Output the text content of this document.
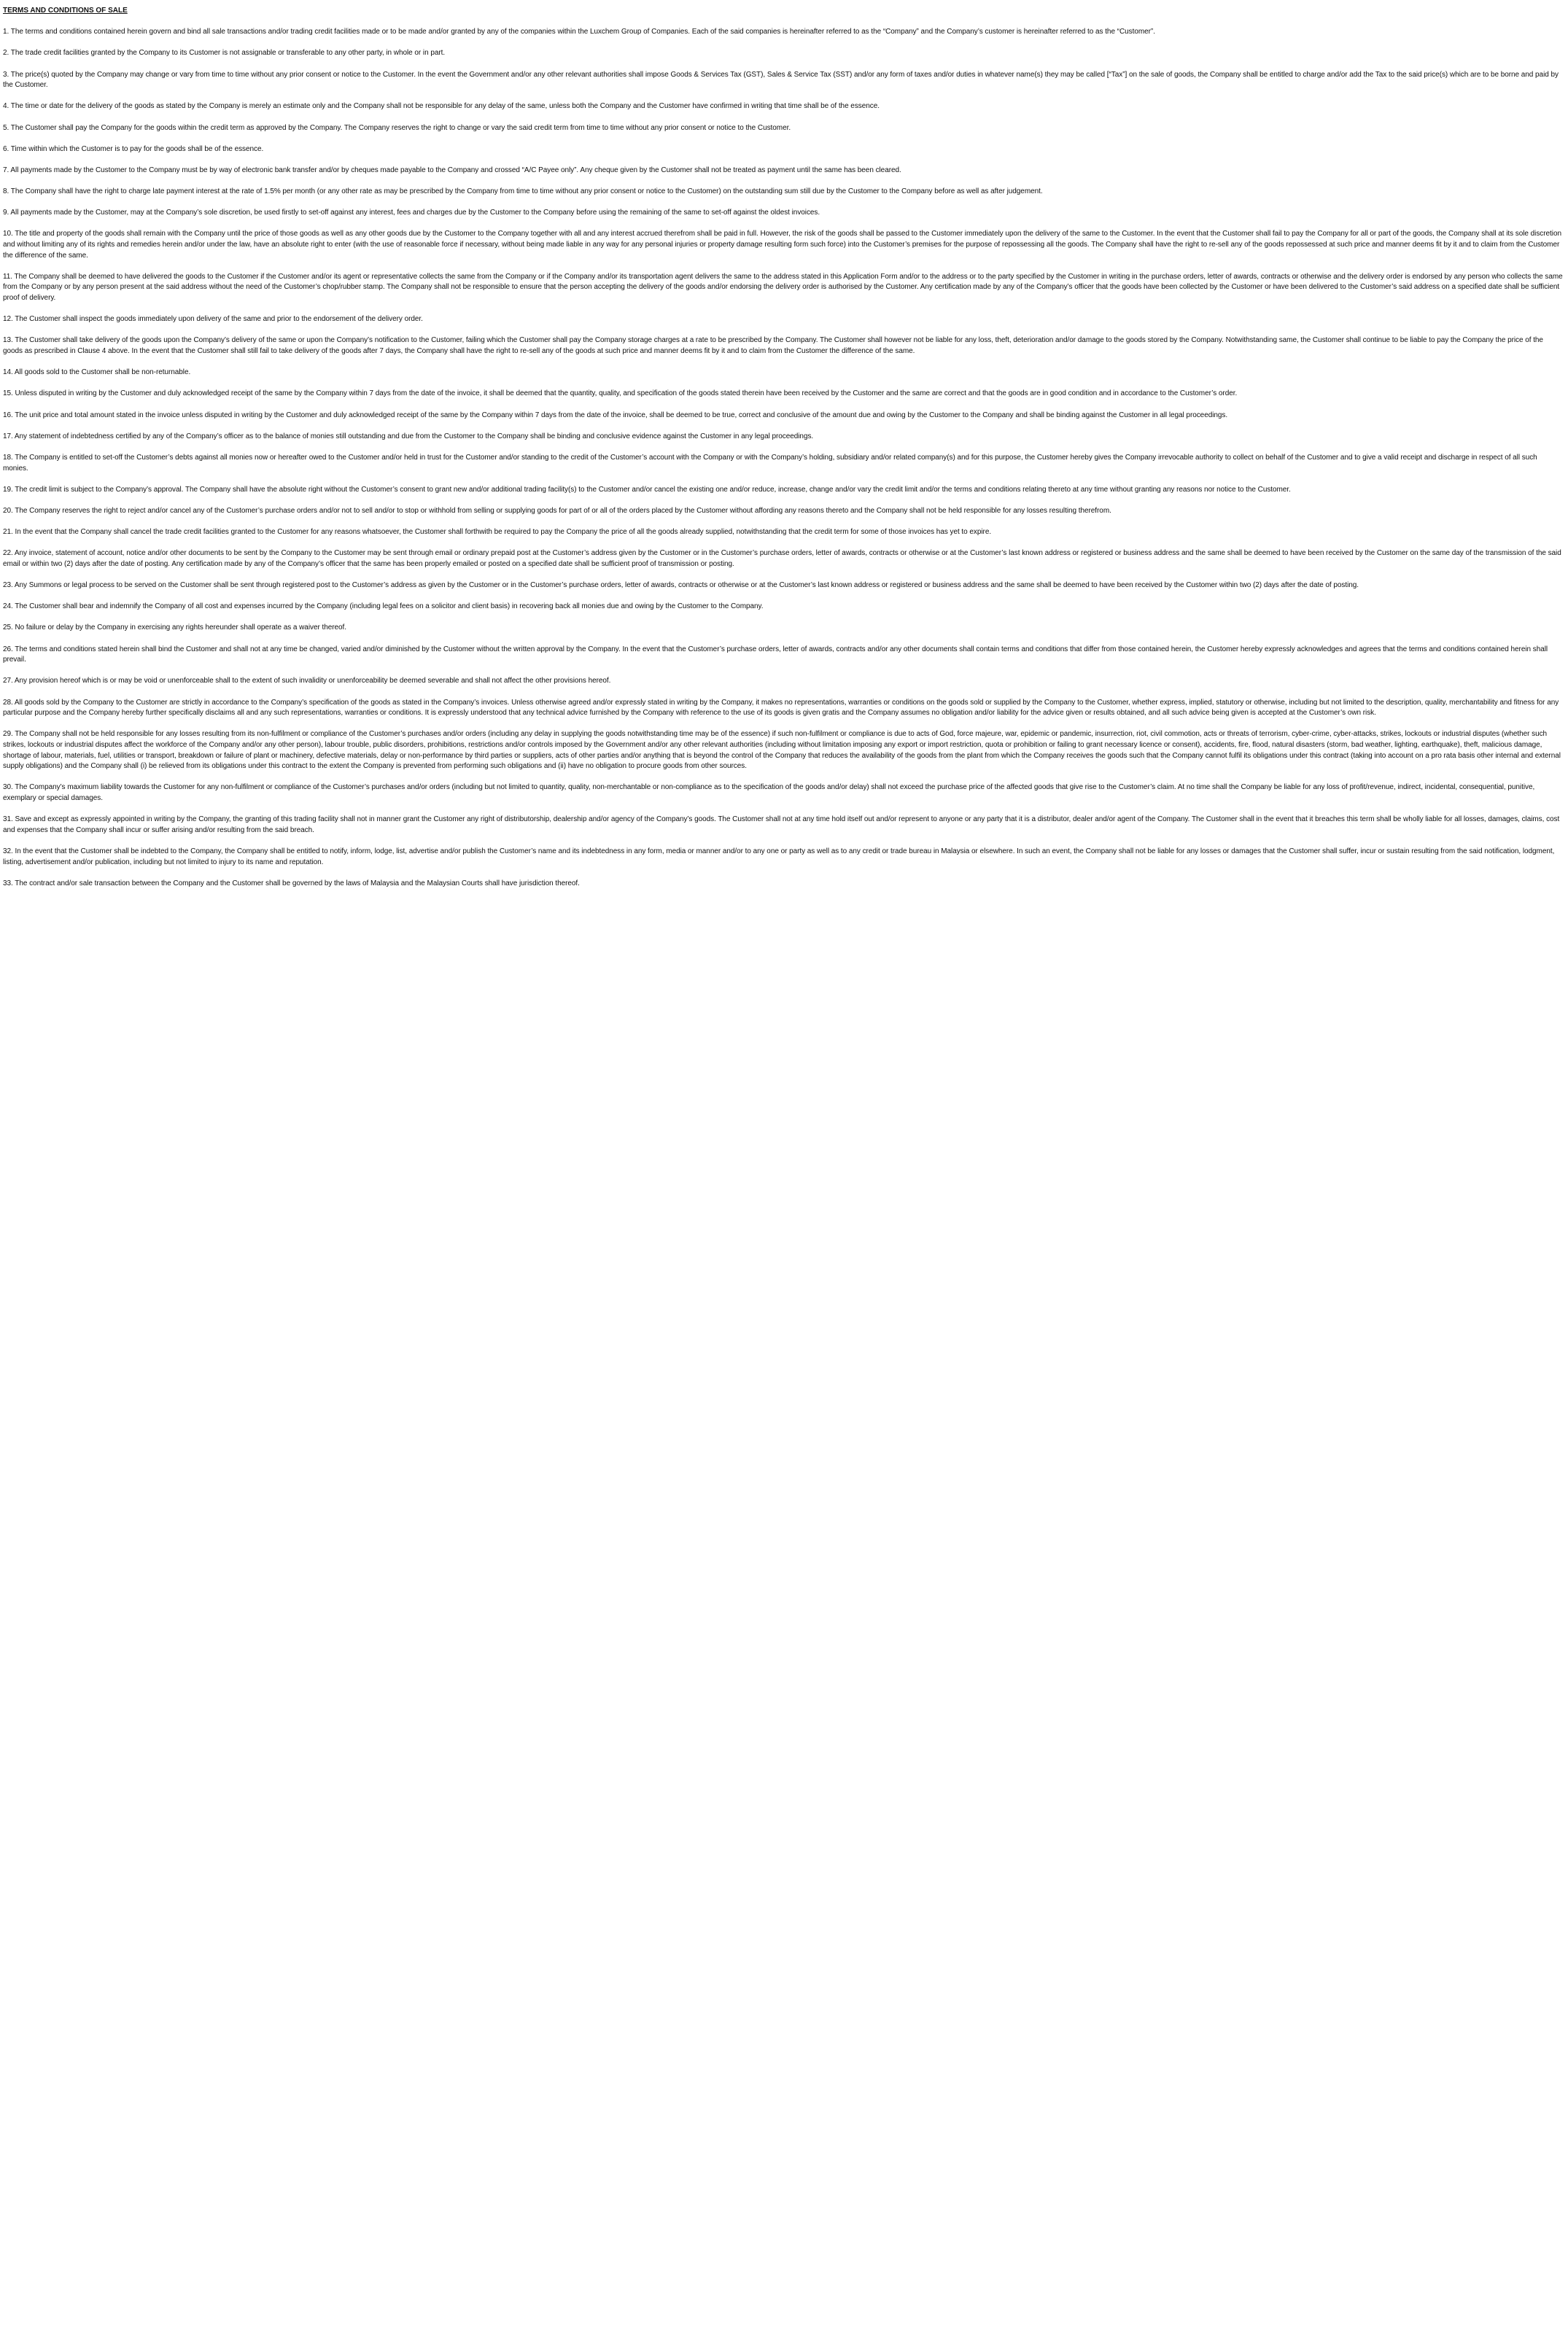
TERMS AND CONDITIONS OF SALE

1. The terms and conditions contained herein govern and bind all sale transactions and/or trading credit facilities made or to be made and/or granted by any of the companies within the Luxchem Group of Companies. Each of the said companies is hereinafter referred to as the “Company” and the Company’s customer is hereinafter referred to as the “Customer”.

2. The trade credit facilities granted by the Company to its Customer is not assignable or transferable to any other party, in whole or in part.

3. The price(s) quoted by the Company may change or vary from time to time without any prior consent or notice to the Customer. In the event the Government and/or any other relevant authorities shall impose Goods & Services Tax (GST), Sales & Service Tax (SST) and/or any form of taxes and/or duties in whatever name(s) they may be called [“Tax”] on the sale of goods, the Company shall be entitled to charge and/or add the Tax to the said price(s) which are to be borne and paid by the Customer.

4. The time or date for the delivery of the goods as stated by the Company is merely an estimate only and the Company shall not be responsible for any delay of the same, unless both the Company and the Customer have confirmed in writing that time shall be of the essence.

5. The Customer shall pay the Company for the goods within the credit term as approved by the Company. The Company reserves the right to change or vary the said credit term from time to time without any prior consent or notice to the Customer.

6. Time within which the Customer is to pay for the goods shall be of the essence.

7. All payments made by the Customer to the Company must be by way of electronic bank transfer and/or by cheques made payable to the Company and crossed “A/C Payee only”. Any cheque given by the Customer shall not be treated as payment until the same has been cleared.

8. The Company shall have the right to charge late payment interest at the rate of 1.5% per month (or any other rate as may be prescribed by the Company from time to time without any prior consent or notice to the Customer) on the outstanding sum still due by the Customer to the Company before as well as after judgement.

9. All payments made by the Customer, may at the Company’s sole discretion, be used firstly to set-off against any interest, fees and charges due by the Customer to the Company before using the remaining of the same to set-off against the oldest invoices.

10. The title and property of the goods shall remain with the Company until the price of those goods as well as any other goods due by the Customer to the Company together with all and any interest accrued therefrom shall be paid in full. However, the risk of the goods shall be passed to the Customer immediately upon the delivery of the same to the Customer. In the event that the Customer shall fail to pay the Company for all or part of the goods, the Company shall at its sole discretion and without limiting any of its rights and remedies herein and/or under the law, have an absolute right to enter (with the use of reasonable force if necessary, without being made liable in any way for any personal injuries or property damage resulting form such force) into the Customer’s premises for the purpose of repossessing all the goods. The Company shall have the right to re-sell any of the goods repossessed at such price and manner deems fit by it and to claim from the Customer the difference of the same.

11. The Company shall be deemed to have delivered the goods to the Customer if the Customer and/or its agent or representative collects the same from the Company or if the Company and/or its transportation agent delivers the same to the address stated in this Application Form and/or to the address or to the party specified by the Customer in writing in the purchase orders, letter of awards, contracts or otherwise and the delivery order is endorsed by any person who collects the same from the Company or by any person present at the said address without the need of the Customer’s chop/rubber stamp. The Company shall not be responsible to ensure that the person accepting the delivery of the goods and/or endorsing the delivery order is authorised by the Customer. Any certification made by any of the Company’s officer that the goods have been collected by the Customer or have been delivered to the Customer’s said address on a specified date shall be sufficient proof of delivery.

12. The Customer shall inspect the goods immediately upon delivery of the same and prior to the endorsement of the delivery order.

13. The Customer shall take delivery of the goods upon the Company’s delivery of the same or upon the Company’s notification to the Customer, failing which the Customer shall pay the Company storage charges at a rate to be prescribed by the Company. The Customer shall however not be liable for any loss, theft, deterioration and/or damage to the goods stored by the Company. Notwithstanding same, the Customer shall continue to be liable to pay the Company the price of the goods as prescribed in Clause 4 above. In the event that the Customer shall still fail to take delivery of the goods after 7 days, the Company shall have the right to re-sell any of the goods at such price and manner deems fit by it and to claim from the Customer the difference of the same.

14. All goods sold to the Customer shall be non-returnable.

15. Unless disputed in writing by the Customer and duly acknowledged receipt of the same by the Company within 7 days from the date of the invoice, it shall be deemed that the quantity, quality, and specification of the goods stated therein have been received by the Customer and the same are correct and that the goods are in good condition and in accordance to the Customer’s order.

16. The unit price and total amount stated in the invoice unless disputed in writing by the Customer and duly acknowledged receipt of the same by the Company within 7 days from the date of the invoice, shall be deemed to be true, correct and conclusive of the amount due and owing by the Customer to the Company and shall be binding against the Customer in all legal proceedings.

17. Any statement of indebtedness certified by any of the Company’s officer as to the balance of monies still outstanding and due from the Customer to the Company shall be binding and conclusive evidence against the Customer in any legal proceedings.

18. The Company is entitled to set-off the Customer’s debts against all monies now or hereafter owed to the Customer and/or held in trust for the Customer and/or standing to the credit of the Customer’s account with the Company or with the Company’s holding, subsidiary and/or related company(s) and for this purpose, the Customer hereby gives the Company irrevocable authority to collect on behalf of the Customer and to give a valid receipt and discharge in respect of all such monies.

19. The credit limit is subject to the Company’s approval. The Company shall have the absolute right without the Customer’s consent to grant new and/or additional trading facility(s) to the Customer and/or cancel the existing one and/or reduce, increase, change and/or vary the credit limit and/or the terms and conditions relating thereto at any time without granting any reasons nor notice to the Customer.

20. The Company reserves the right to reject and/or cancel any of the Customer’s purchase orders and/or not to sell and/or to stop or withhold from selling or supplying goods for part of or all of the orders placed by the Customer without affording any reasons thereto and the Company shall not be held responsible for any losses resulting therefrom.

21. In the event that the Company shall cancel the trade credit facilities granted to the Customer for any reasons whatsoever, the Customer shall forthwith be required to pay the Company the price of all the goods already supplied, notwithstanding that the credit term for some of those invoices has yet to expire.

22. Any invoice, statement of account, notice and/or other documents to be sent by the Company to the Customer may be sent through email or ordinary prepaid post at the Customer’s address given by the Customer or in the Customer’s purchase orders, letter of awards, contracts or otherwise or at the Customer’s last known address or registered or business address and the same shall be deemed to have been received by the Customer on the same day of the transmission of the said email or within two (2) days after the date of posting. Any certification made by any of the Company’s officer that the same has been properly emailed or posted on a specified date shall be sufficient proof of transmission or posting.

23. Any Summons or legal process to be served on the Customer shall be sent through registered post to the Customer’s address as given by the Customer or in the Customer’s purchase orders, letter of awards, contracts or otherwise or at the Customer’s last known address or registered or business address and the same shall be deemed to have been received by the Customer within two (2) days after the date of posting.

24. The Customer shall bear and indemnify the Company of all cost and expenses incurred by the Company (including legal fees on a solicitor and client basis) in recovering back all monies due and owing by the Customer to the Company.

25. No failure or delay by the Company in exercising any rights hereunder shall operate as a waiver thereof.

26. The terms and conditions stated herein shall bind the Customer and shall not at any time be changed, varied and/or diminished by the Customer without the written approval by the Company. In the event that the Customer’s purchase orders, letter of awards, contracts and/or any other documents shall contain terms and conditions that differ from those contained herein, the Customer hereby expressly acknowledges and agrees that the terms and conditions contained herein shall prevail.

27. Any provision hereof which is or may be void or unenforceable shall to the extent of such invalidity or unenforceability be deemed severable and shall not affect the other provisions hereof.

28. All goods sold by the Company to the Customer are strictly in accordance to the Company’s specification of the goods as stated in the Company’s invoices. Unless otherwise agreed and/or expressly stated in writing by the Company, it makes no representations, warranties or conditions on the goods sold or supplied by the Company to the Customer, whether express, implied, statutory or otherwise, including but not limited to the description, quality, merchantability and fitness for any particular purpose and the Company hereby further specifically disclaims all and any such representations, warranties or conditions. It is expressly understood that any technical advice furnished by the Company with reference to the use of its goods is given gratis and the Company assumes no obligation and/or liability for the advice given or results obtained, and all such advice being given is accepted at the Customer’s own risk.

29. The Company shall not be held responsible for any losses resulting from its non-fulfilment or compliance of the Customer’s purchases and/or orders (including any delay in supplying the goods notwithstanding time may be of the essence) if such non-fulfilment or compliance is due to acts of God, force majeure, war, epidemic or pandemic, insurrection, riot, civil commotion, acts or threats of terrorism, cyber-crime, cyber-attacks, strikes, lockouts or industrial disputes (whether such strikes, lockouts or industrial disputes affect the workforce of the Company and/or any other person), labour trouble, public disorders, prohibitions, restrictions and/or controls imposed by the Government and/or any other relevant authorities (including without limitation imposing any export or import restriction, quota or prohibition or failing to grant necessary licence or consent), accidents, fire, flood, natural disasters (storm, bad weather, lighting, earthquake), theft, malicious damage, shortage of labour, materials, fuel, utilities or transport, breakdown or failure of plant or machinery, defective materials, delay or non-performance by third parties or suppliers, acts of other parties and/or anything that is beyond the control of the Company that reduces the availability of the goods from the plant from which the Company receives the goods such that the Company cannot fulfil its obligations under this contract (taking into account on a pro rata basis other internal and external supply obligations) and the Company shall (i) be relieved from its obligations under this contract to the extent the Company is prevented from performing such obligations and (ii) have no obligation to procure goods from other sources.

30. The Company’s maximum liability towards the Customer for any non-fulfilment or compliance of the Customer’s purchases and/or orders (including but not limited to quantity, quality, non-merchantable or non-compliance as to the specification of the goods and/or delay) shall not exceed the purchase price of the affected goods that give rise to the Customer’s claim. At no time shall the Company be liable for any loss of profit/revenue, indirect, incidental, consequential, punitive, exemplary or special damages.

31. Save and except as expressly appointed in writing by the Company, the granting of this trading facility shall not in manner grant the Customer any right of distributorship, dealership and/or agency of the Company’s goods. The Customer shall not at any time hold itself out and/or represent to anyone or any party that it is a distributor, dealer and/or agent of the Company. The Customer shall in the event that it breaches this term shall be wholly liable for all losses, damages, claims, cost and expenses that the Company shall incur or suffer arising and/or resulting from the said breach.

32. In the event that the Customer shall be indebted to the Company, the Company shall be entitled to notify, inform, lodge, list, advertise and/or publish the Customer’s name and its indebtedness in any form, media or manner and/or to any one or party as well as to any credit or trade bureau in Malaysia or elsewhere. In such an event, the Company shall not be liable for any losses or damages that the Customer shall suffer, incur or sustain resulting from the said notification, lodgment, listing, advertisement and/or publication, including but not limited to injury to its name and reputation.

33. The contract and/or sale transaction between the Company and the Customer shall be governed by the laws of Malaysia and the Malaysian Courts shall have jurisdiction thereof.
